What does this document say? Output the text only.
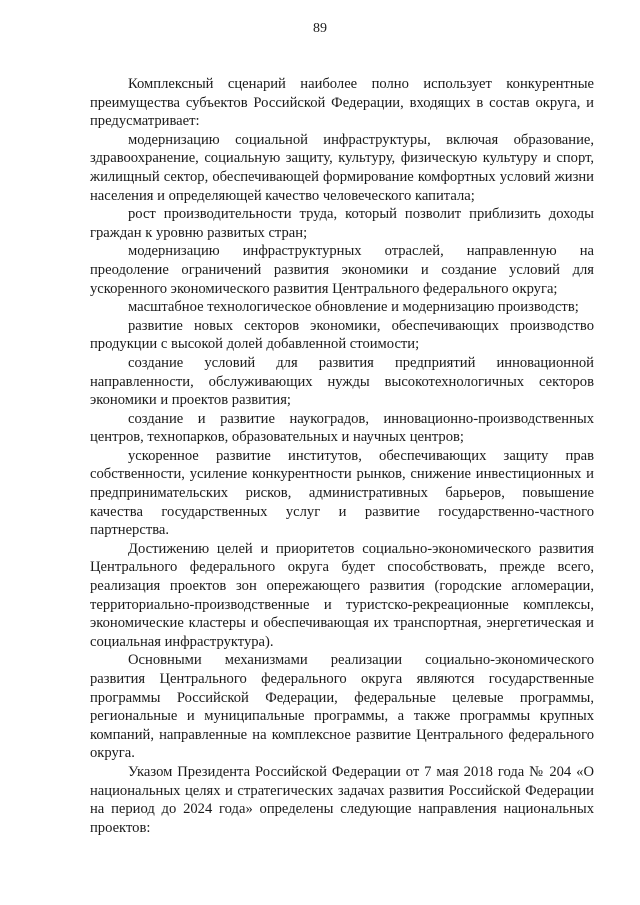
89

Комплексный сценарий наиболее полно использует конкурентные преимущества субъектов Российской Федерации, входящих в состав округа, и предусматривает:

модернизацию социальной инфраструктуры, включая образование, здравоохранение, социальную защиту, культуру, физическую культуру и спорт, жилищный сектор, обеспечивающей формирование комфортных условий жизни населения и определяющей качество человеческого капитала;

рост производительности труда, который позволит приблизить доходы граждан к уровню развитых стран;

модернизацию инфраструктурных отраслей, направленную на преодоление ограничений развития экономики и создание условий для ускоренного экономического развития Центрального федерального округа;

масштабное технологическое обновление и модернизацию производств;

развитие новых секторов экономики, обеспечивающих производство продукции с высокой долей добавленной стоимости;

создание условий для развития предприятий инновационной направленности, обслуживающих нужды высокотехнологичных секторов экономики и проектов развития;

создание и развитие наукоградов, инновационно-производственных центров, технопарков, образовательных и научных центров;

ускоренное развитие институтов, обеспечивающих защиту прав собственности, усиление конкурентности рынков, снижение инвестиционных и предпринимательских рисков, административных барьеров, повышение качества государственных услуг и развитие государственно-частного партнерства.

Достижению целей и приоритетов социально-экономического развития Центрального федерального округа будет способствовать, прежде всего, реализация проектов зон опережающего развития (городские агломерации, территориально-производственные и туристско-рекреационные комплексы, экономические кластеры и обеспечивающая их транспортная, энергетическая и социальная инфраструктура).

Основными механизмами реализации социально-экономического развития Центрального федерального округа являются государственные программы Российской Федерации, федеральные целевые программы, региональные и муниципальные программы, а также программы крупных компаний, направленные на комплексное развитие Центрального федерального округа.

Указом Президента Российской Федерации от 7 мая 2018 года № 204 «О национальных целях и стратегических задачах развития Российской Федерации на период до 2024 года» определены следующие направления национальных проектов:
